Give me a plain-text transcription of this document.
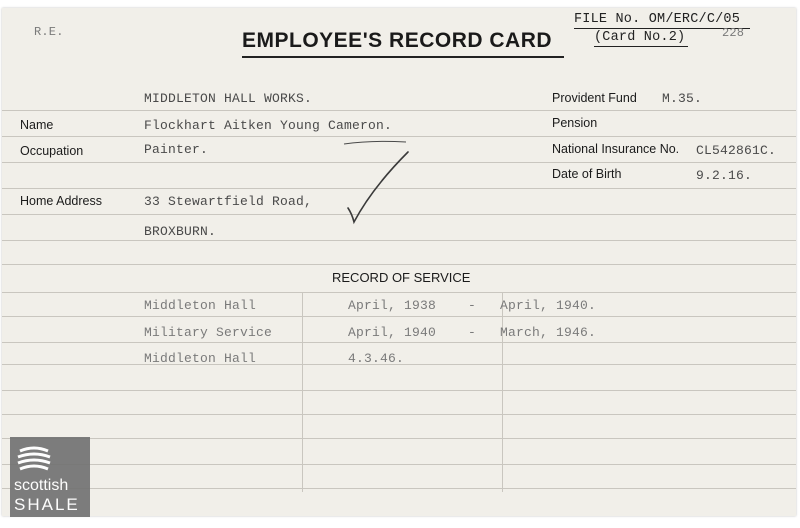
R.E.	EMPLOYEE'S RECORD CARD
FILE No. OM/ERC/C/05
(Card No.2)	228
MIDDLETON HALL WORKS.	Provident Fund M.35.
Name	Flockhart Aitken Young Cameron.	Pension
Occupation	Painter.	National Insurance No. CL542861C.
Date of Birth	9.2.16.
Home Address	33 Stewartfield Road,
BROXBURN.
RECORD OF SERVICE
Middleton Hall	April, 1938 - April, 1940.
Military Service	April, 1940 - March, 1946.
Middleton Hall	4.3.46.
scottish
SHALE
